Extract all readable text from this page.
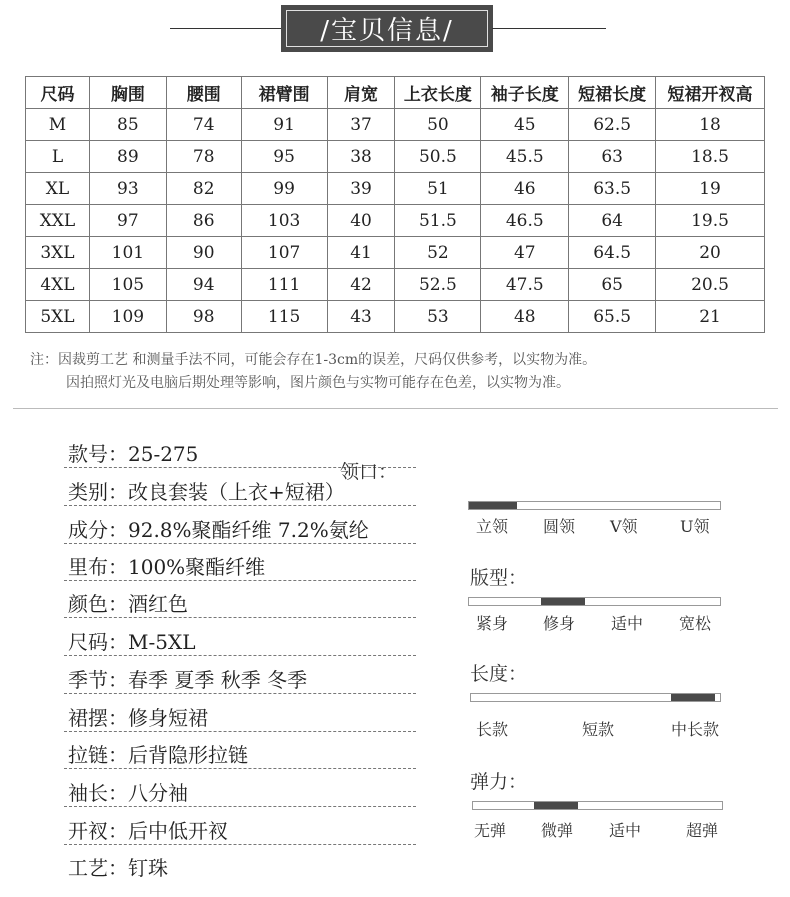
/宝贝信息/
尺码	胸围	腰围	裙臂围	肩宽	上衣长度	袖子长度	短裙长度	短裙开衩高
M	85	74	91	37	50	45	62.5	18
L	89	78	95	38	50.5	45.5	63	18.5
XL	93	82	99	39	51	46	63.5	19
XXL	97	86	103	40	51.5	46.5	64	19.5
3XL	101	90	107	41	52	47	64.5	20
4XL	105	94	111	42	52.5	47.5	65	20.5
5XL	109	98	115	43	53	48	65.5	21
注：因裁剪工艺 和测量手法不同，可能会存在1-3cm的误差，尺码仅供参考，以实物为准。
因拍照灯光及电脑后期处理等影响，图片颜色与实物可能存在色差，以实物为准。
款号：25-275
类别：改良套装（上衣+短裙）
成分：92.8%聚酯纤维 7.2%氨纶
里布：100%聚酯纤维
颜色：酒红色
尺码：M-5XL
季节：春季 夏季 秋季 冬季
裙摆：修身短裙
拉链：后背隐形拉链
袖长：八分袖
开衩：后中低开衩
工艺：钉珠
领口：
立领 圆领 V领	U领
版型：
紧身 修身 适中 宽松
长度：
长款	短款	中长款
弹力：
无弹 微弹 适中	超弹
